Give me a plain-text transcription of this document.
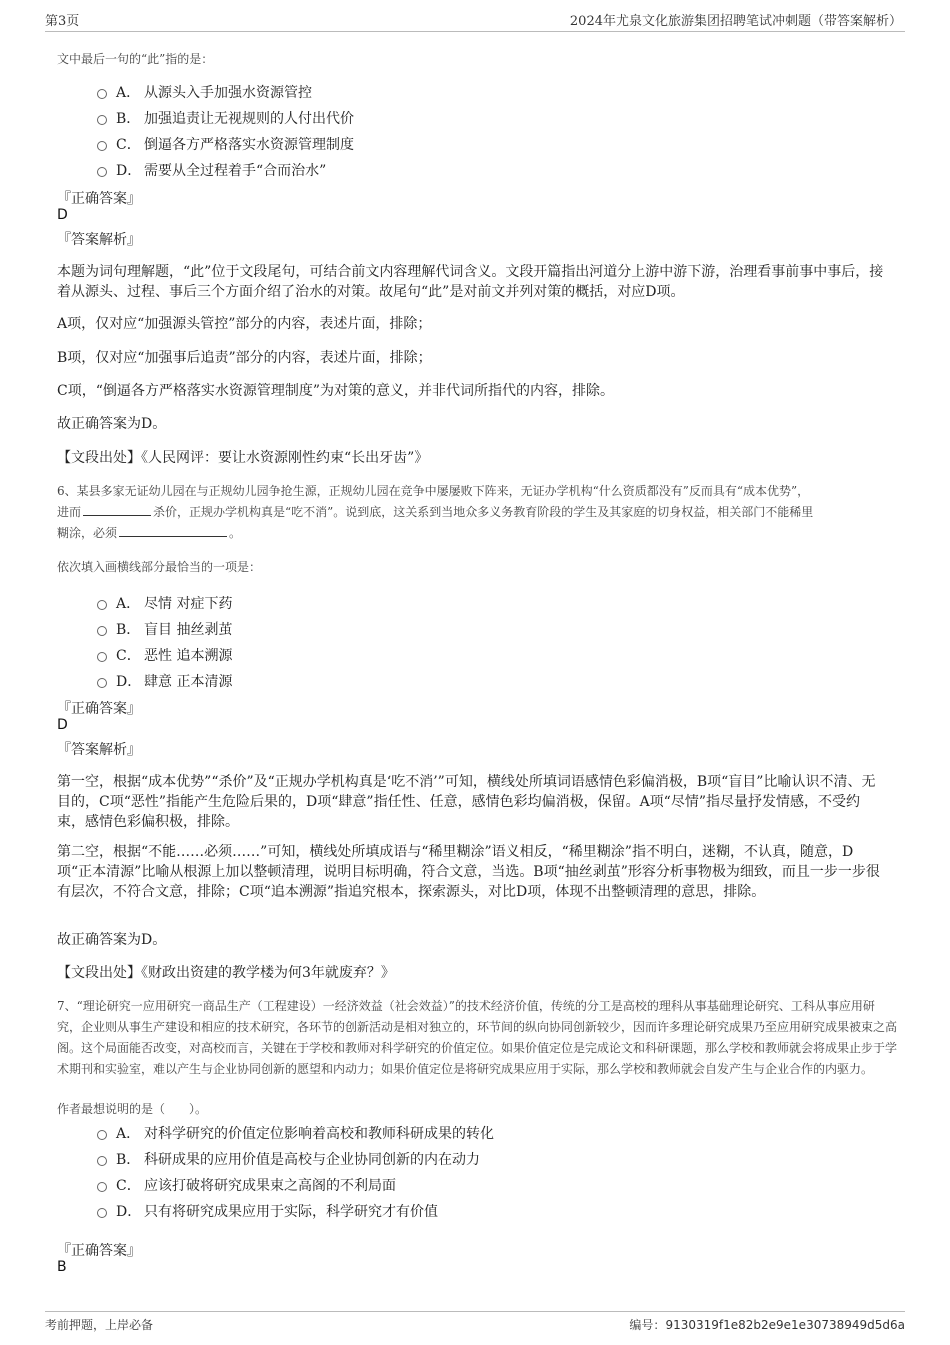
第3页	2024年尤泉文化旅游集团招聘笔试冲刺题（带答案解析）
文中最后一句的“此”指的是：
A． 从源头入手加强水资源管控
B． 加强追责让无视规则的人付出代价
C． 倒逼各方严格落实水资源管理制度
D． 需要从全过程着手“合而治水”
『正确答案』
D
『答案解析』
本题为词句理解题，“此”位于文段尾句，可结合前文内容理解代词含义。文段开篇指出河道分上游中游下游，治理看事前事中事后，接着从源头、过程、事后三个方面介绍了治水的对策。故尾句“此”是对前文并列对策的概括，对应D项。
A项，仅对应“加强源头管控”部分的内容，表述片面，排除；
B项，仅对应“加强事后追责”部分的内容，表述片面，排除；
C项，“倒逼各方严格落实水资源管理制度”为对策的意义，并非代词所指代的内容，排除。
故正确答案为D。
【文段出处】《人民网评：要让水资源刚性约束“长出牙齿”》
6、某县多家无证幼儿园在与正规幼儿园争抢生源，正规幼儿园在竞争中屡屡败下阵来，无证办学机构“什么资质都没有”反而具有“成本优势”，
进而	杀价，正规办学机构真是“吃不消”。说到底，这关系到当地众多义务教育阶段的学生及其家庭的切身权益，相关部门不能稀里
糊涂，必须	。
依次填入画横线部分最恰当的一项是：
A． 尽情 对症下药
B． 盲目 抽丝剥茧
C． 恶性 追本溯源
D． 肆意 正本清源
『正确答案』
D
『答案解析』
第一空，根据“成本优势”“杀价”及“正规办学机构真是‘吃不消’”可知，横线处所填词语感情色彩偏消极，B项“盲目”比喻认识不清、无目的，C项“恶性”指能产生危险后果的，D项“肆意”指任性、任意，感情色彩均偏消极，保留。A项“尽情”指尽量抒发情感，不受约束，感情色彩偏积极，排除。
第二空，根据“不能……必须……”可知，横线处所填成语与“稀里糊涂”语义相反，“稀里糊涂”指不明白，迷糊，不认真，随意，D项“正本清源”比喻从根源上加以整顿清理，说明目标明确，符合文意，当选。B项“抽丝剥茧”形容分析事物极为细致，而且一步一步很有层次，不符合文意，排除；C项“追本溯源”指追究根本，探索源头，对比D项，体现不出整顿清理的意思，排除。
故正确答案为D。
【文段出处】《财政出资建的教学楼为何3年就废弃？》
7、“理论研究一应用研究一商品生产（工程建设）一经济效益（社会效益）”的技术经济价值，传统的分工是高校的理科从事基础理论研究、工科从事应用研究，企业则从事生产建设和相应的技术研究，各环节的创新活动是相对独立的，环节间的纵向协同创新较少，因而许多理论研究成果乃至应用研究成果被束之高阁。这个局面能否改变，对高校而言，关键在于学校和教师对科学研究的价值定位。如果价值定位是完成论文和科研课题，那么学校和教师就会将成果止步于学术期刊和实验室，难以产生与企业协同创新的愿望和内动力；如果价值定位是将研究成果应用于实际，那么学校和教师就会自发产生与企业合作的内驱力。
作者最想说明的是（　　）。
A． 对科学研究的价值定位影响着高校和教师科研成果的转化
B． 科研成果的应用价值是高校与企业协同创新的内在动力
C． 应该打破将研究成果束之高阁的不利局面
D． 只有将研究成果应用于实际，科学研究才有价值
『正确答案』
B
考前押题，上岸必备	编号：9130319f1e82b2e9e1e30738949d5d6a
